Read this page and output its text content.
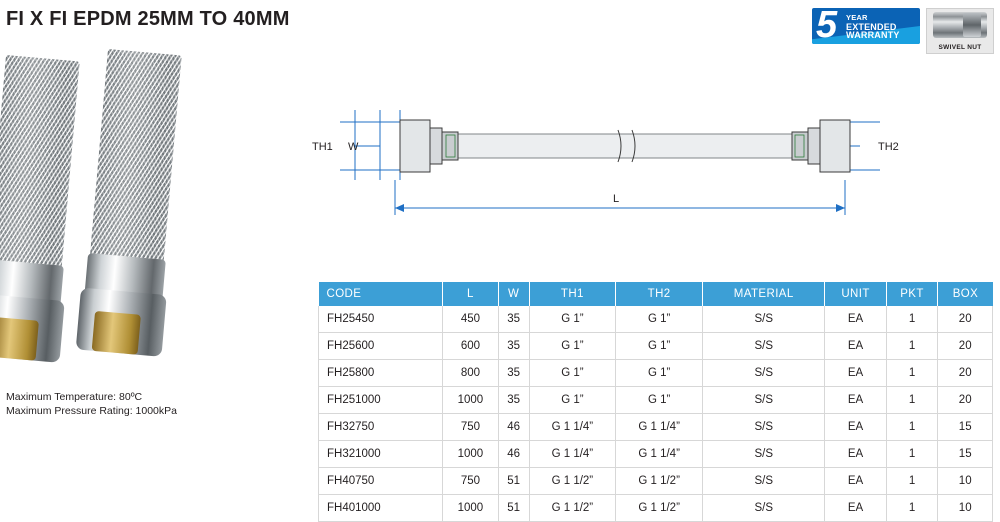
FI X FI EPDM 25MM TO 40MM	5 YEAR
EXTENDED
WARRANTY
SWIVEL NUT
Maximum Temperature: 80ºC
Maximum Pressure Rating: 1000kPa
TH1 W	TH2
L
CODE	L	W	TH1	TH2	MATERIAL	UNIT	PKT	BOX
FH25450	450	35	G 1”	G 1”	S/S	EA	1	20
FH25600	600	35	G 1”	G 1”	S/S	EA	1	20
FH25800	800	35	G 1”	G 1”	S/S	EA	1	20
FH251000	1000	35	G 1”	G 1”	S/S	EA	1	20
FH32750	750	46	G 1 1/4”	G 1 1/4”	S/S	EA	1	15
FH321000	1000	46	G 1 1/4”	G 1 1/4”	S/S	EA	1	15
FH40750	750	51	G 1 1/2”	G 1 1/2”	S/S	EA	1	10
FH401000	1000	51	G 1 1/2”	G 1 1/2”	S/S	EA	1	10
